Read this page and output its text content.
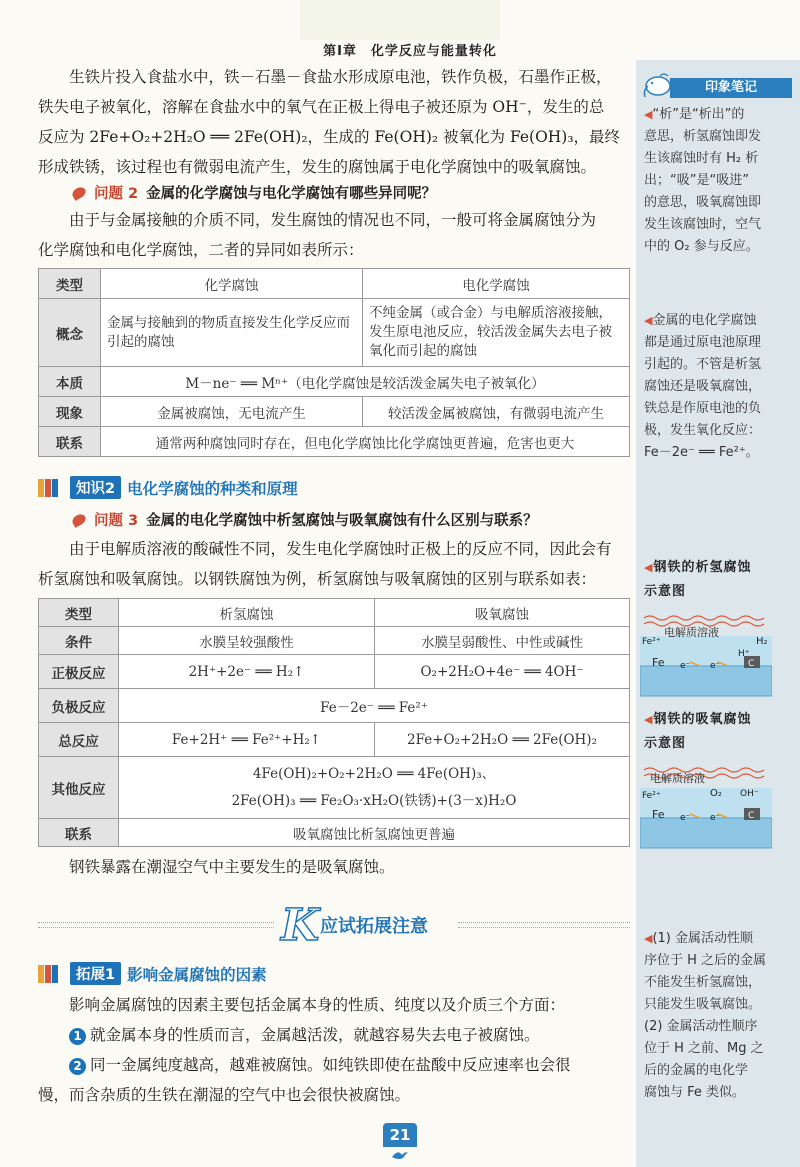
第Ⅰ章　化学反应与能量转化
生铁片投入食盐水中，铁－石墨－食盐水形成原电池，铁作负极，石墨作正极，
铁失电子被氧化，溶解在食盐水中的氧气在正极上得电子被还原为 OH⁻，发生的总
反应为 2Fe+O₂+2H₂O ══ 2Fe(OH)₂，生成的 Fe(OH)₂ 被氧化为 Fe(OH)₃，最终
形成铁锈，该过程也有微弱电流产生，发生的腐蚀属于电化学腐蚀中的吸氧腐蚀。
问题 2 金属的化学腐蚀与电化学腐蚀有哪些异同呢？
由于与金属接触的介质不同，发生腐蚀的情况也不同，一般可将金属腐蚀分为
化学腐蚀和电化学腐蚀，二者的异同如表所示：
类型	化学腐蚀	电化学腐蚀
概念	金属与接触到的物质直接发生化学反应而引起的腐蚀	不纯金属（或合金）与电解质溶液接触，发生原电池反应，较活泼金属失去电子被氧化而引起的腐蚀
本质	M－ne⁻ ══ Mⁿ⁺（电化学腐蚀是较活泼金属失电子被氧化）	
现象	金属被腐蚀，无电流产生	较活泼金属被腐蚀，有微弱电流产生
联系	通常两种腐蚀同时存在，但电化学腐蚀比化学腐蚀更普遍，危害也更大	
知识2 电化学腐蚀的种类和原理
问题 3 金属的电化学腐蚀中析氢腐蚀与吸氧腐蚀有什么区别与联系？
由于电解质溶液的酸碱性不同，发生电化学腐蚀时正极上的反应不同，因此会有
析氢腐蚀和吸氧腐蚀。以钢铁腐蚀为例，析氢腐蚀与吸氧腐蚀的区别与联系如表：
类型	析氢腐蚀	吸氧腐蚀
条件	水膜呈较强酸性	水膜呈弱酸性、中性或碱性
正极反应	2H⁺+2e⁻ ══ H₂↑	O₂+2H₂O+4e⁻ ══ 4OH⁻
负极反应	Fe－2e⁻ ══ Fe²⁺	
总反应	Fe+2H⁺ ══ Fe²⁺+H₂↑	2Fe+O₂+2H₂O ══ 2Fe(OH)₂
其他反应	4Fe(OH)₂+O₂+2H₂O ══ 4Fe(OH)₃、
2Fe(OH)₃ ══ Fe₂O₃·xH₂O(铁锈)+(3－x)H₂O	

联系	吸氧腐蚀比析氢腐蚀更普遍	
钢铁暴露在潮湿空气中主要发生的是吸氧腐蚀。
K 应试拓展注意
拓展1 影响金属腐蚀的因素
影响金属腐蚀的因素主要包括金属本身的性质、纯度以及介质三个方面：
1 就金属本身的性质而言，金属越活泼，就越容易失去电子被腐蚀。
2 同一金属纯度越高，越难被腐蚀。如纯铁即使在盐酸中反应速率也会很
慢，而含杂质的生铁在潮湿的空气中也会很快被腐蚀。
印象笔记
◀“析”是“析出”的
意思，析氢腐蚀即发
生该腐蚀时有 H₂ 析
出；“吸”是“吸进”
的意思，吸氧腐蚀即
发生该腐蚀时，空气
中的 O₂ 参与反应。
◀金属的电化学腐蚀
都是通过原电池原理
引起的。不管是析氢
腐蚀还是吸氧腐蚀，
铁总是作原电池的负
极，发生氧化反应：
Fe－2e⁻ ══ Fe²⁺。
◀钢铁的析氢腐蚀
示意图
电解质溶液
Fe²⁺	H₂
H⁺
Fe e⁻ e⁻	C
◀钢铁的吸氧腐蚀
示意图
电解质溶液
Fe²⁺	O₂ OH⁻
Fe e⁻ e⁻	C
◀(1) 金属活动性顺
序位于 H 之后的金属
不能发生析氢腐蚀，
只能发生吸氧腐蚀。
(2) 金属活动性顺序
位于 H 之前、Mg 之
后的金属的电化学
腐蚀与 Fe 类似。
21
